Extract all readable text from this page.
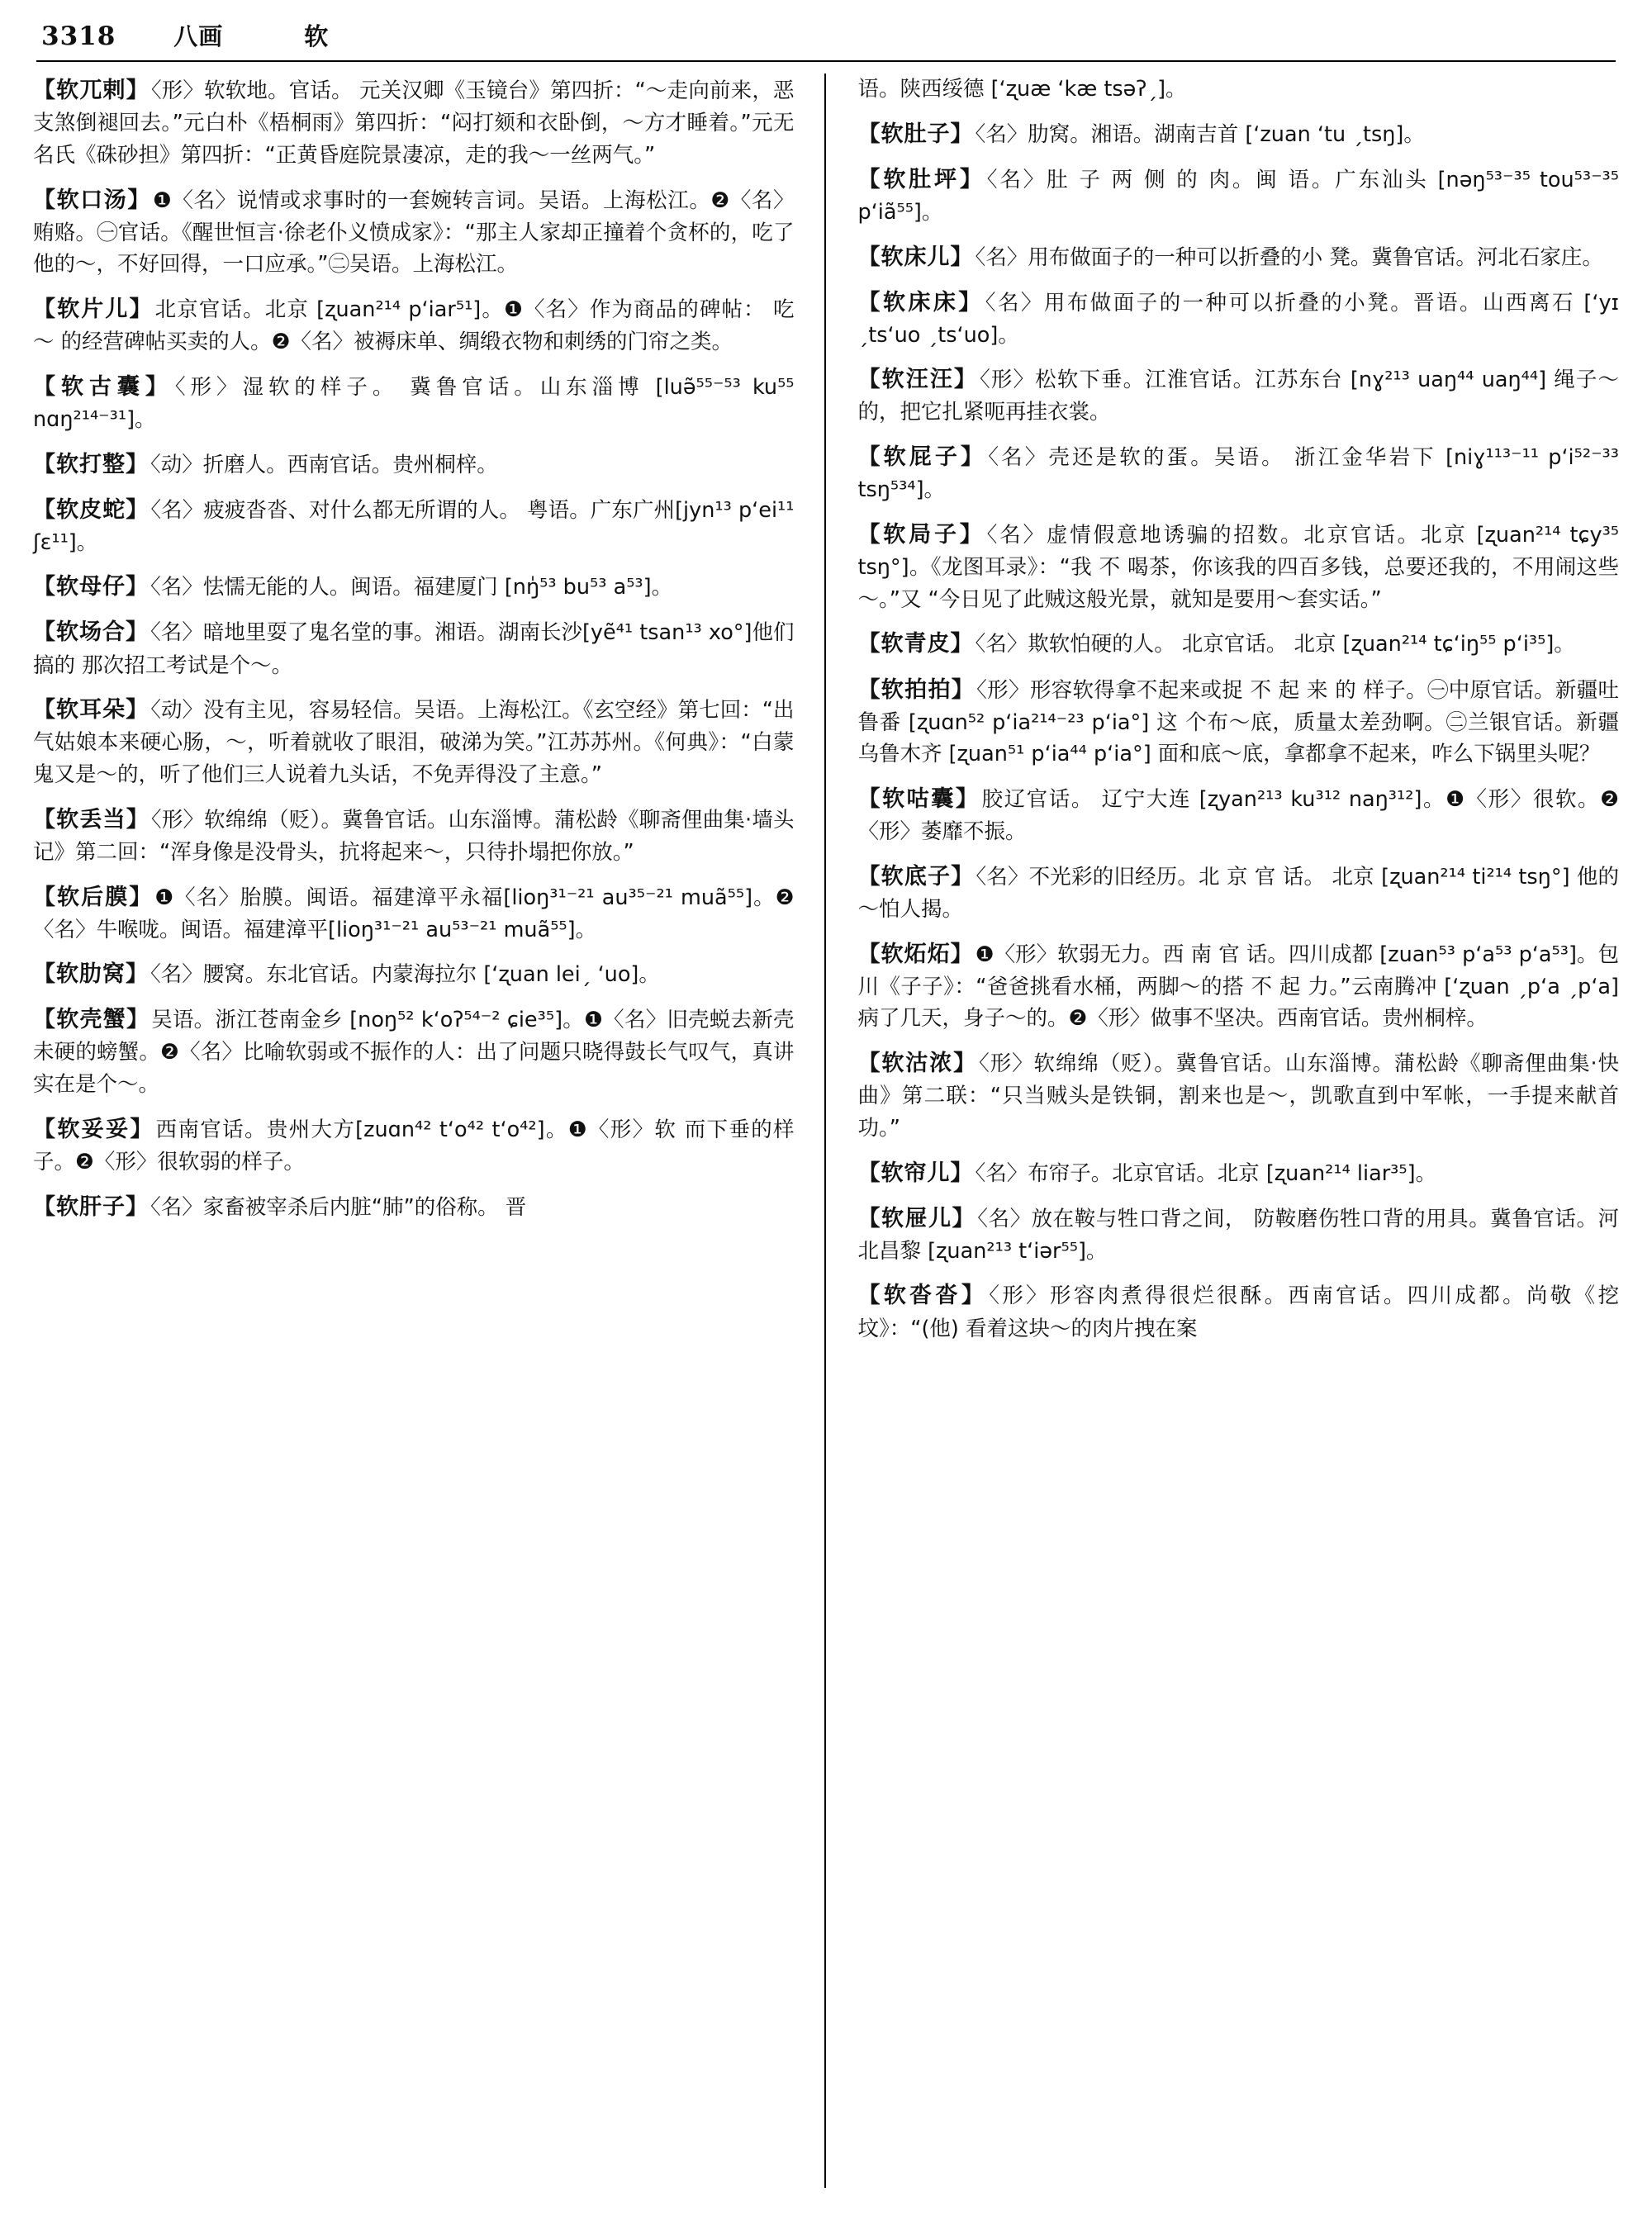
3318 八画	软
【软兀剌】〈形〉软软地。官话。 元关汉卿《玉镜台》第四折：“～走向前来，恶支煞倒褪回去。”元白朴《梧桐雨》第四折：“闷打颏和衣卧倒，～方才睡着。”元无名氏《硃砂担》第四折：“正黄昏庭院景凄凉，走的我～一丝两气。”
【软口汤】❶〈名〉说情或求事时的一套婉转言词。吴语。上海松江。❷〈名〉贿赂。㊀官话。《醒世恒言·徐老仆义愤成家》：“那主人家却正撞着个贪杯的，吃了他的～，不好回得，一口应承。”㊁吴语。上海松江。
【软片儿】北京官话。北京 [ʐuan²¹⁴ pʻiar⁵¹]。❶〈名〉作为商品的碑帖： 吃 ～ 的经营碑帖买卖的人。❷〈名〉被褥床单、绸缎衣物和刺绣的门帘之类。
【软古囊】〈形〉湿软的样子。 冀鲁官话。山东淄博 [luə̃⁵⁵⁻⁵³ ku⁵⁵ nɑŋ²¹⁴⁻³¹]。
【软打整】〈动〉折磨人。西南官话。贵州桐梓。
【软皮蛇】〈名〉疲疲沓沓、对什么都无所谓的人。 粤语。广东广州[jyn¹³ pʻei¹¹ ʃɛ¹¹]。
【软母仔】〈名〉怯懦无能的人。闽语。福建厦门 [nŋ̍⁵³ bu⁵³ a⁵³]。
【软场合】〈名〉暗地里耍了鬼名堂的事。湘语。湖南长沙[yẽ⁴¹ tsan¹³ xo°]他们搞的 那次招工考试是个～。
【软耳朵】〈动〉没有主见，容易轻信。吴语。上海松江。《玄空经》第七回：“出气姑娘本来硬心肠，～，听着就收了眼泪，破涕为笑。”江苏苏州。《何典》：“白蒙鬼又是～的，听了他们三人说着九头话，不免弄得没了主意。”
【软丢当】〈形〉软绵绵（贬）。冀鲁官话。山东淄博。蒲松龄《聊斋俚曲集·墙头记》第二回：“浑身像是没骨头，抗将起来～，只待扑塌把你放。”
【软后膜】❶〈名〉胎膜。闽语。福建漳平永福[lioŋ³¹⁻²¹ au³⁵⁻²¹ muã⁵⁵]。❷〈名〉牛喉咙。闽语。福建漳平[lioŋ³¹⁻²¹ au⁵³⁻²¹ muã⁵⁵]。
【软肋窝】〈名〉腰窝。东北官话。内蒙海拉尔 [ʻʐuan leiˏ ʻuo]。
【软壳蟹】吴语。浙江苍南金乡 [noŋ⁵² kʻoʔ⁵⁴⁻² ɕie³⁵]。❶〈名〉旧壳蜕去新壳未硬的螃蟹。❷〈名〉比喻软弱或不振作的人：出了问题只晓得鼓长气叹气，真讲实在是个～。
【软妥妥】西南官话。贵州大方[zuɑn⁴² tʻo⁴² tʻo⁴²]。❶〈形〉软 而下垂的样子。❷〈形〉很软弱的样子。
【软肝子】〈名〉家畜被宰杀后内脏“肺”的俗称。 晋
语。陕西绥德 [ʻʐuæ ʻkæ tsəʔˏ]。
【软肚子】〈名〉肋窝。湘语。湖南吉首 [ʻzuan ʻtu ˏtsŋ]。
【软肚坪】〈名〉肚 子 两 侧 的 肉。闽 语。广东汕头 [nəŋ⁵³⁻³⁵ tou⁵³⁻³⁵ pʻiã⁵⁵]。
【软床儿】〈名〉用布做面子的一种可以折叠的小 凳。冀鲁官话。河北石家庄。
【软床床】〈名〉用布做面子的一种可以折叠的小凳。晋语。山西离石 [ʻyɪ ˏtsʻuo ˏtsʻuo]。
【软汪汪】〈形〉松软下垂。江淮官话。江苏东台 [nɣ²¹³ uaŋ⁴⁴ uaŋ⁴⁴] 绳子～的，把它扎紧呃再挂衣裳。
【软屁子】〈名〉壳还是软的蛋。吴语。 浙江金华岩下 [niɣ¹¹³⁻¹¹ pʻi⁵²⁻³³ tsŋ⁵³⁴]。
【软局子】〈名〉虚情假意地诱骗的招数。北京官话。北京 [ʐuan²¹⁴ tɕy³⁵ tsŋ°]。《龙图耳录》：“我 不 喝茶，你该我的四百多钱，总要还我的，不用闹这些～。”又 “今日见了此贼这般光景，就知是要用～套实话。”
【软青皮】〈名〉欺软怕硬的人。 北京官话。 北京 [ʐuan²¹⁴ tɕʻiŋ⁵⁵ pʻi³⁵]。
【软拍拍】〈形〉形容软得拿不起来或捉 不 起 来 的 样子。㊀中原官话。新疆吐鲁番 [ʐuɑn⁵² pʻia²¹⁴⁻²³ pʻia°] 这 个布～底，质量太差劲啊。㊁兰银官话。新疆乌鲁木齐 [ʐuan⁵¹ pʻia⁴⁴ pʻia°] 面和底～底，拿都拿不起来，咋么下锅里头呢？
【软咕囊】胶辽官话。 辽宁大连 [ʐyan²¹³ ku³¹² naŋ³¹²]。❶〈形〉很软。❷〈形〉萎靡不振。
【软底子】〈名〉不光彩的旧经历。北 京 官 话。 北京 [ʐuan²¹⁴ ti²¹⁴ tsŋ°] 他的～怕人揭。
【软炻炻】❶〈形〉软弱无力。西 南 官 话。四川成都 [zuan⁵³ pʻa⁵³ pʻa⁵³]。包川《子子》：“爸爸挑看水桶，两脚～的搭 不 起 力。”云南腾冲 [ʻʐuan ˏpʻa ˏpʻa] 病了几天，身子～的。❷〈形〉做事不坚决。西南官话。贵州桐梓。
【软沽浓】〈形〉软绵绵（贬）。冀鲁官话。山东淄博。蒲松龄《聊斋俚曲集·快曲》第二联：“只当贼头是铁铜，割来也是～，凯歌直到中军帐，一手提来献首功。”
【软帘儿】〈名〉布帘子。北京官话。北京 [ʐuan²¹⁴ liar³⁵]。
【软屉儿】〈名〉放在鞍与牲口背之间， 防鞍磨伤牲口背的用具。冀鲁官话。河北昌黎 [ʐuan²¹³ tʻiər⁵⁵]。
【软沓沓】〈形〉形容肉煮得很烂很酥。西南官话。四川成都。尚敬《挖坟》：“(他) 看着这块～的肉片拽在案
